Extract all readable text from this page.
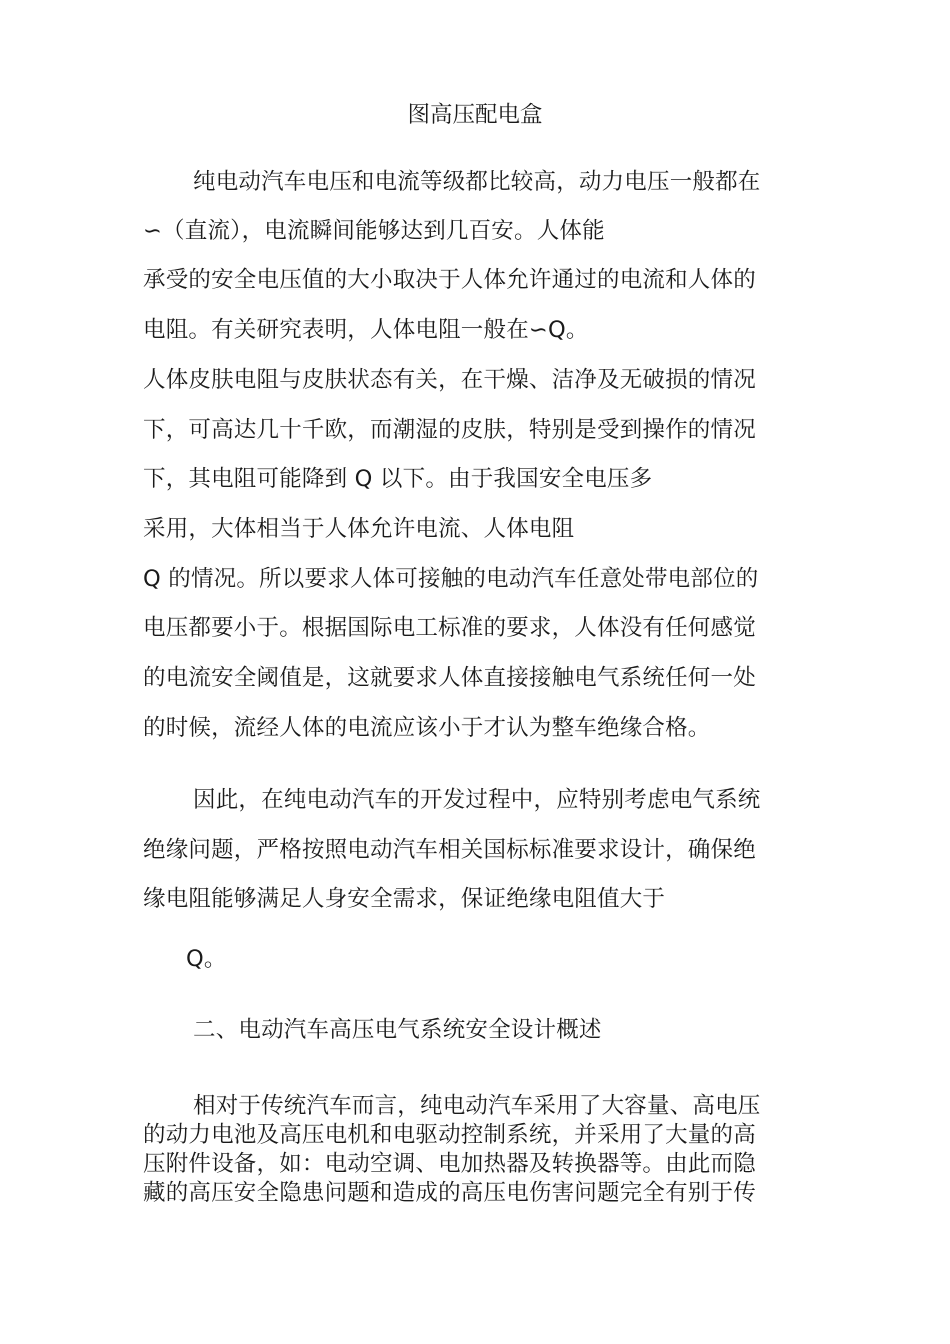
图高压配电盒
纯电动汽车电压和电流等级都比较高，动力电压一般都在
∽（直流），电流瞬间能够达到几百安。人体能
承受的安全电压值的大小取决于人体允许通过的电流和人体的
电阻。有关研究表明，人体电阻一般在∽Q。
人体皮肤电阻与皮肤状态有关，在干燥、洁净及无破损的情况
下，可高达几十千欧，而潮湿的皮肤，特别是受到操作的情况
下，其电阻可能降到 Q 以下。由于我国安全电压多
采用，大体相当于人体允许电流、人体电阻
Q 的情况。所以要求人体可接触的电动汽车任意处带电部位的
电压都要小于。根据国际电工标准的要求，人体没有任何感觉
的电流安全阈值是，这就要求人体直接接触电气系统任何一处
的时候，流经人体的电流应该小于才认为整车绝缘合格。
因此，在纯电动汽车的开发过程中，应特别考虑电气系统
绝缘问题，严格按照电动汽车相关国标标准要求设计，确保绝
缘电阻能够满足人身安全需求，保证绝缘电阻值大于
Q。
二、电动汽车高压电气系统安全设计概述
相对于传统汽车而言，纯电动汽车采用了大容量、高电压
的动力电池及高压电机和电驱动控制系统，并采用了大量的高
压附件设备，如：电动空调、电加热器及转换器等。由此而隐
藏的高压安全隐患问题和造成的高压电伤害问题完全有别于传
